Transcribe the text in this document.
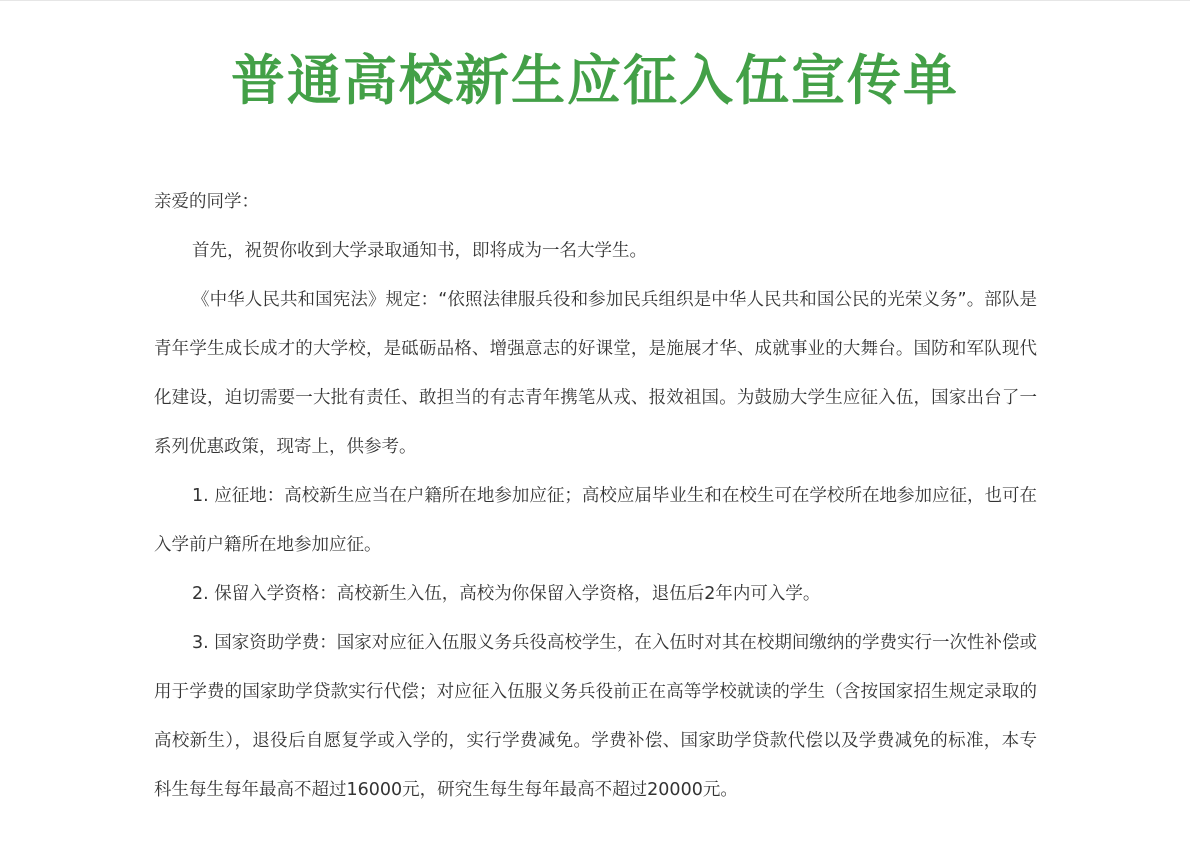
普通高校新生应征入伍宣传单

亲爱的同学：

首先，祝贺你收到大学录取通知书，即将成为一名大学生。

《中华人民共和国宪法》规定：“依照法律服兵役和参加民兵组织是中华人民共和国公民的光荣义务”。部队是青年学生成长成才的大学校，是砥砺品格、增强意志的好课堂，是施展才华、成就事业的大舞台。国防和军队现代化建设，迫切需要一大批有责任、敢担当的有志青年携笔从戎、报效祖国。为鼓励大学生应征入伍，国家出台了一系列优惠政策，现寄上，供参考。

1. 应征地：高校新生应当在户籍所在地参加应征；高校应届毕业生和在校生可在学校所在地参加应征，也可在入学前户籍所在地参加应征。

2. 保留入学资格：高校新生入伍，高校为你保留入学资格，退伍后2年内可入学。

3. 国家资助学费：国家对应征入伍服义务兵役高校学生，在入伍时对其在校期间缴纳的学费实行一次性补偿或用于学费的国家助学贷款实行代偿；对应征入伍服义务兵役前正在高等学校就读的学生（含按国家招生规定录取的高校新生），退役后自愿复学或入学的，实行学费减免。学费补偿、国家助学贷款代偿以及学费减免的标准，本专科生每生每年最高不超过16000元，研究生每生每年最高不超过20000元。
